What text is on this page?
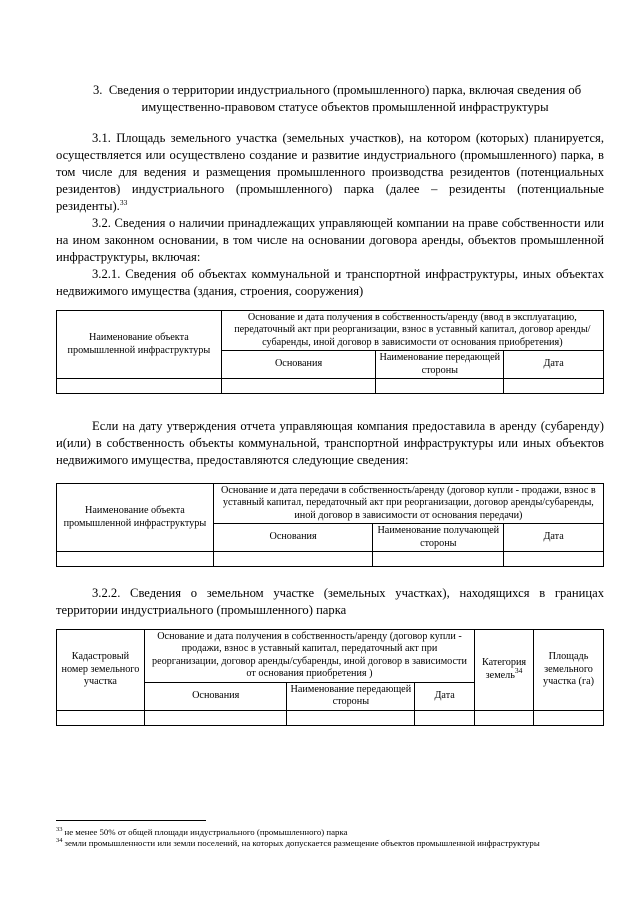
3. Сведения о территории индустриального (промышленного) парка, включая сведения об имущественно-правовом статусе объектов промышленной инфраструктуры

3.1. Площадь земельного участка (земельных участков), на котором (которых) планируется, осуществляется или осуществлено создание и развитие индустриального (промышленного) парка, в том числе для ведения и размещения промышленного производства резидентов (потенциальных резидентов) индустриального (промышленного) парка (далее – резиденты (потенциальные резиденты).$^{33}$

3.2. Сведения о наличии принадлежащих управляющей компании на праве собственности или на ином законном основании, в том числе на основании договора аренды, объектов промышленной инфраструктуры, включая:

3.2.1. Сведения об объектах коммунальной и транспортной инфраструктуры, иных объектах недвижимого имущества (здания, строения, сооружения)

Наименование объекта промышленной инфраструктуры	Основание и дата получения в собственность/аренду (ввод в эксплуатацию, передаточный акт при реорганизации, взнос в уставный капитал, договор аренды/субаренды, иной договор в зависимости от основания приобретения)		
	Основания	Наименование передающей стороны	Дата

Если на дату утверждения отчета управляющая компания предоставила в аренду (субаренду) и(или) в собственность объекты коммунальной, транспортной инфраструктуры или иных объектов недвижимого имущества, предоставляются следующие сведения:

Наименование объекта промышленной инфраструктуры	Основание и дата передачи в собственность/аренду (договор купли - продажи, взнос в уставный капитал, передаточный акт при реорганизации, договор аренды/субаренды, иной договор в зависимости от основания передачи)		
	Основания	Наименование получающей стороны	Дата

3.2.2. Сведения о земельном участке (земельных участках), находящихся в границах территории индустриального (промышленного) парка

Кадастровый номер земельного участка	Основание и дата получения в собственность/аренду (договор купли - продажи, взнос в уставный капитал, передаточный акт при реорганизации, договор аренды/субаренды, иной договор в зависимости от основания приобретения )			Категория земель$^{34}$	Площадь земельного участка (га)
	Основания	Наименование передающей стороны	Дата		

$^{33}$ не менее 50% от общей площади индустриального (промышленного) парка
$^{34}$ земли промышленности или земли поселений, на которых допускается размещение объектов промышленной инфраструктуры
